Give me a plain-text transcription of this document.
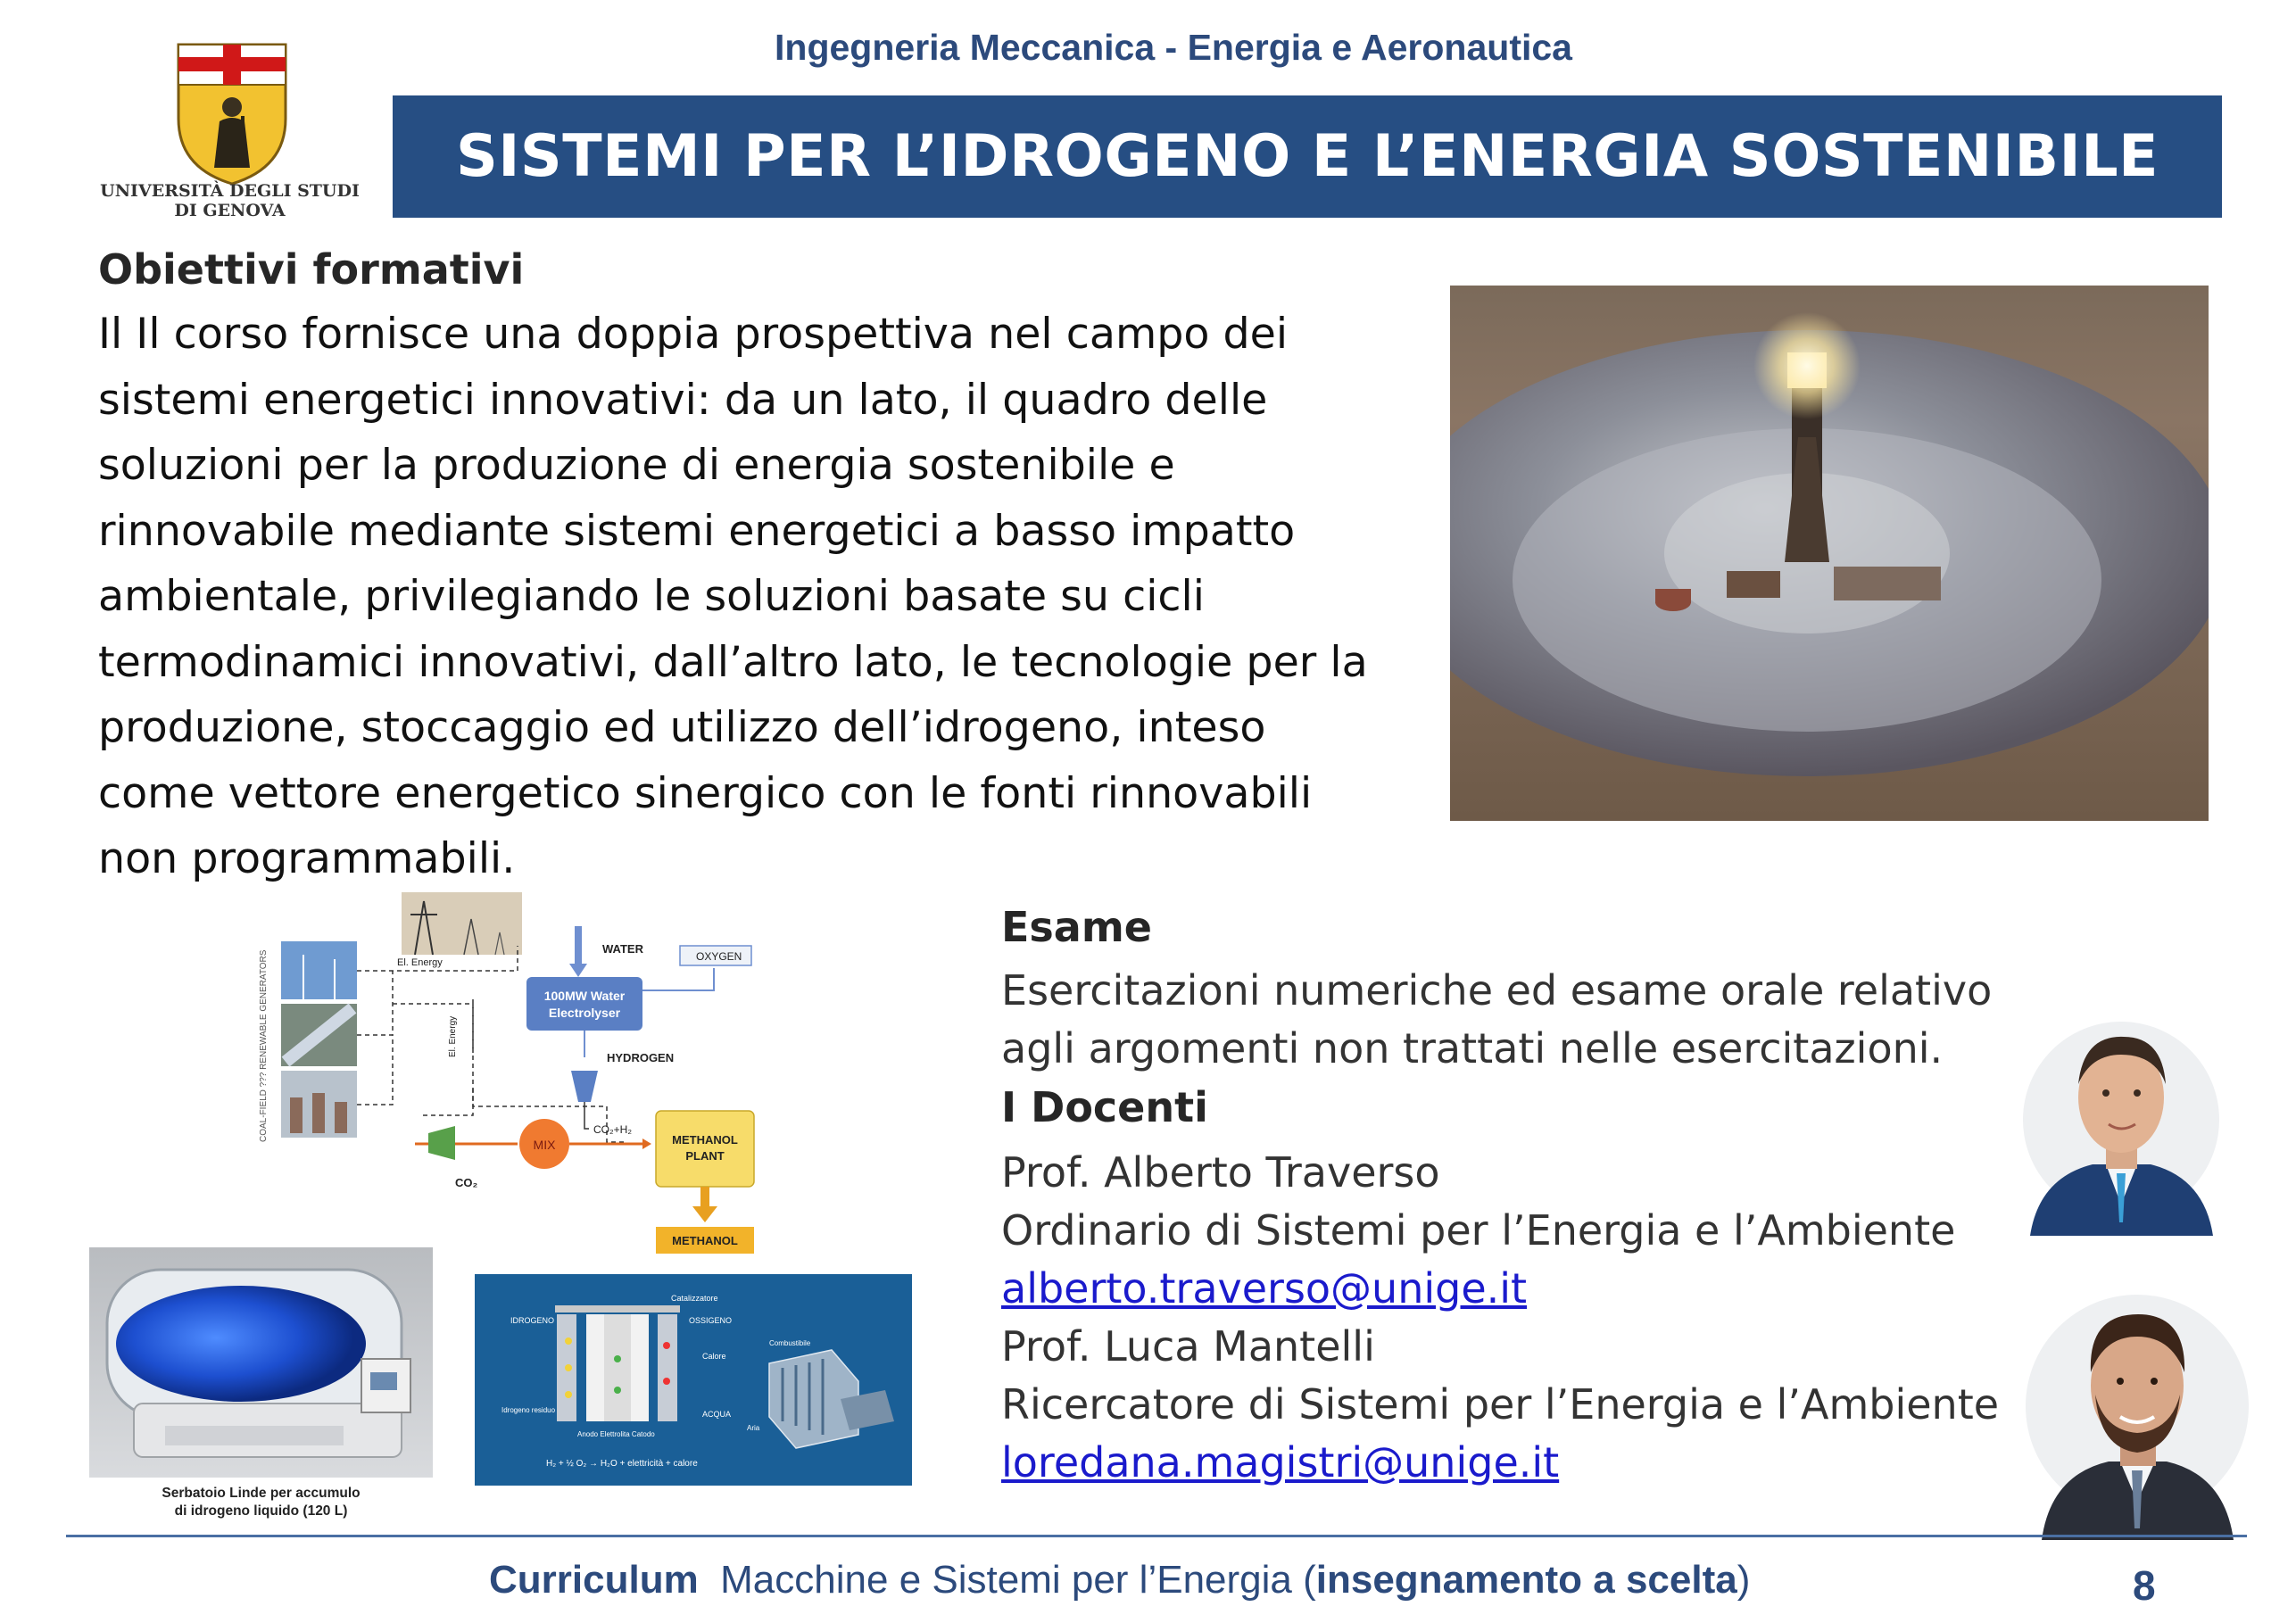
Ingegneria Meccanica - Energia e Aeronautica
UNIVERSITÀ DEGLI STUDI
DI GENOVA
SISTEMI PER L’IDROGENO E L’ENERGIA SOSTENIBILE
Obiettivi formativi
Il Il corso fornisce una doppia prospettiva nel campo dei sistemi energetici innovativi: da un lato, il quadro delle soluzioni per la produzione di energia sostenibile e rinnovabile mediante sistemi energetici a basso impatto ambientale, privilegiando le soluzioni basate su cicli termodinamici innovativi, dall’altro lato, le tecnologie per la produzione, stoccaggio ed utilizzo dell’idrogeno, inteso come vettore energetico sinergico con le fonti rinnovabili non programmabili.
COAL-FIELD ??? RENEWABLE GENERATORS	El. Energy
El. Energy
WATER
OXYGEN
100MW Water
Electrolyser
HYDROGEN
CO₂
MIX
CO₂+H₂
METHANOL
PLANT
METHANOL
Serbatoio Linde per accumulo
di idrogeno liquido (120 L)
Catalizzatore
IDROGENO	OSSIGENO
Calore
Idrogeno residuo	ACQUA
Anodo Elettrolita Catodo
H₂ + ½ O₂ → H₂O + elettricità + calore
Combustibile
Aria
Esame
Esercitazioni numeriche ed esame orale relativo agli argomenti non trattati nelle esercitazioni.
I Docenti
Prof. Alberto Traverso
Ordinario di Sistemi per l’Energia e l’Ambiente
alberto.traverso@unige.it
Prof. Luca Mantelli
Ricercatore di Sistemi per l’Energia e l’Ambiente
loredana.magistri@unige.it
Curriculum Macchine e Sistemi per l’Energia (insegnamento a scelta)	8
